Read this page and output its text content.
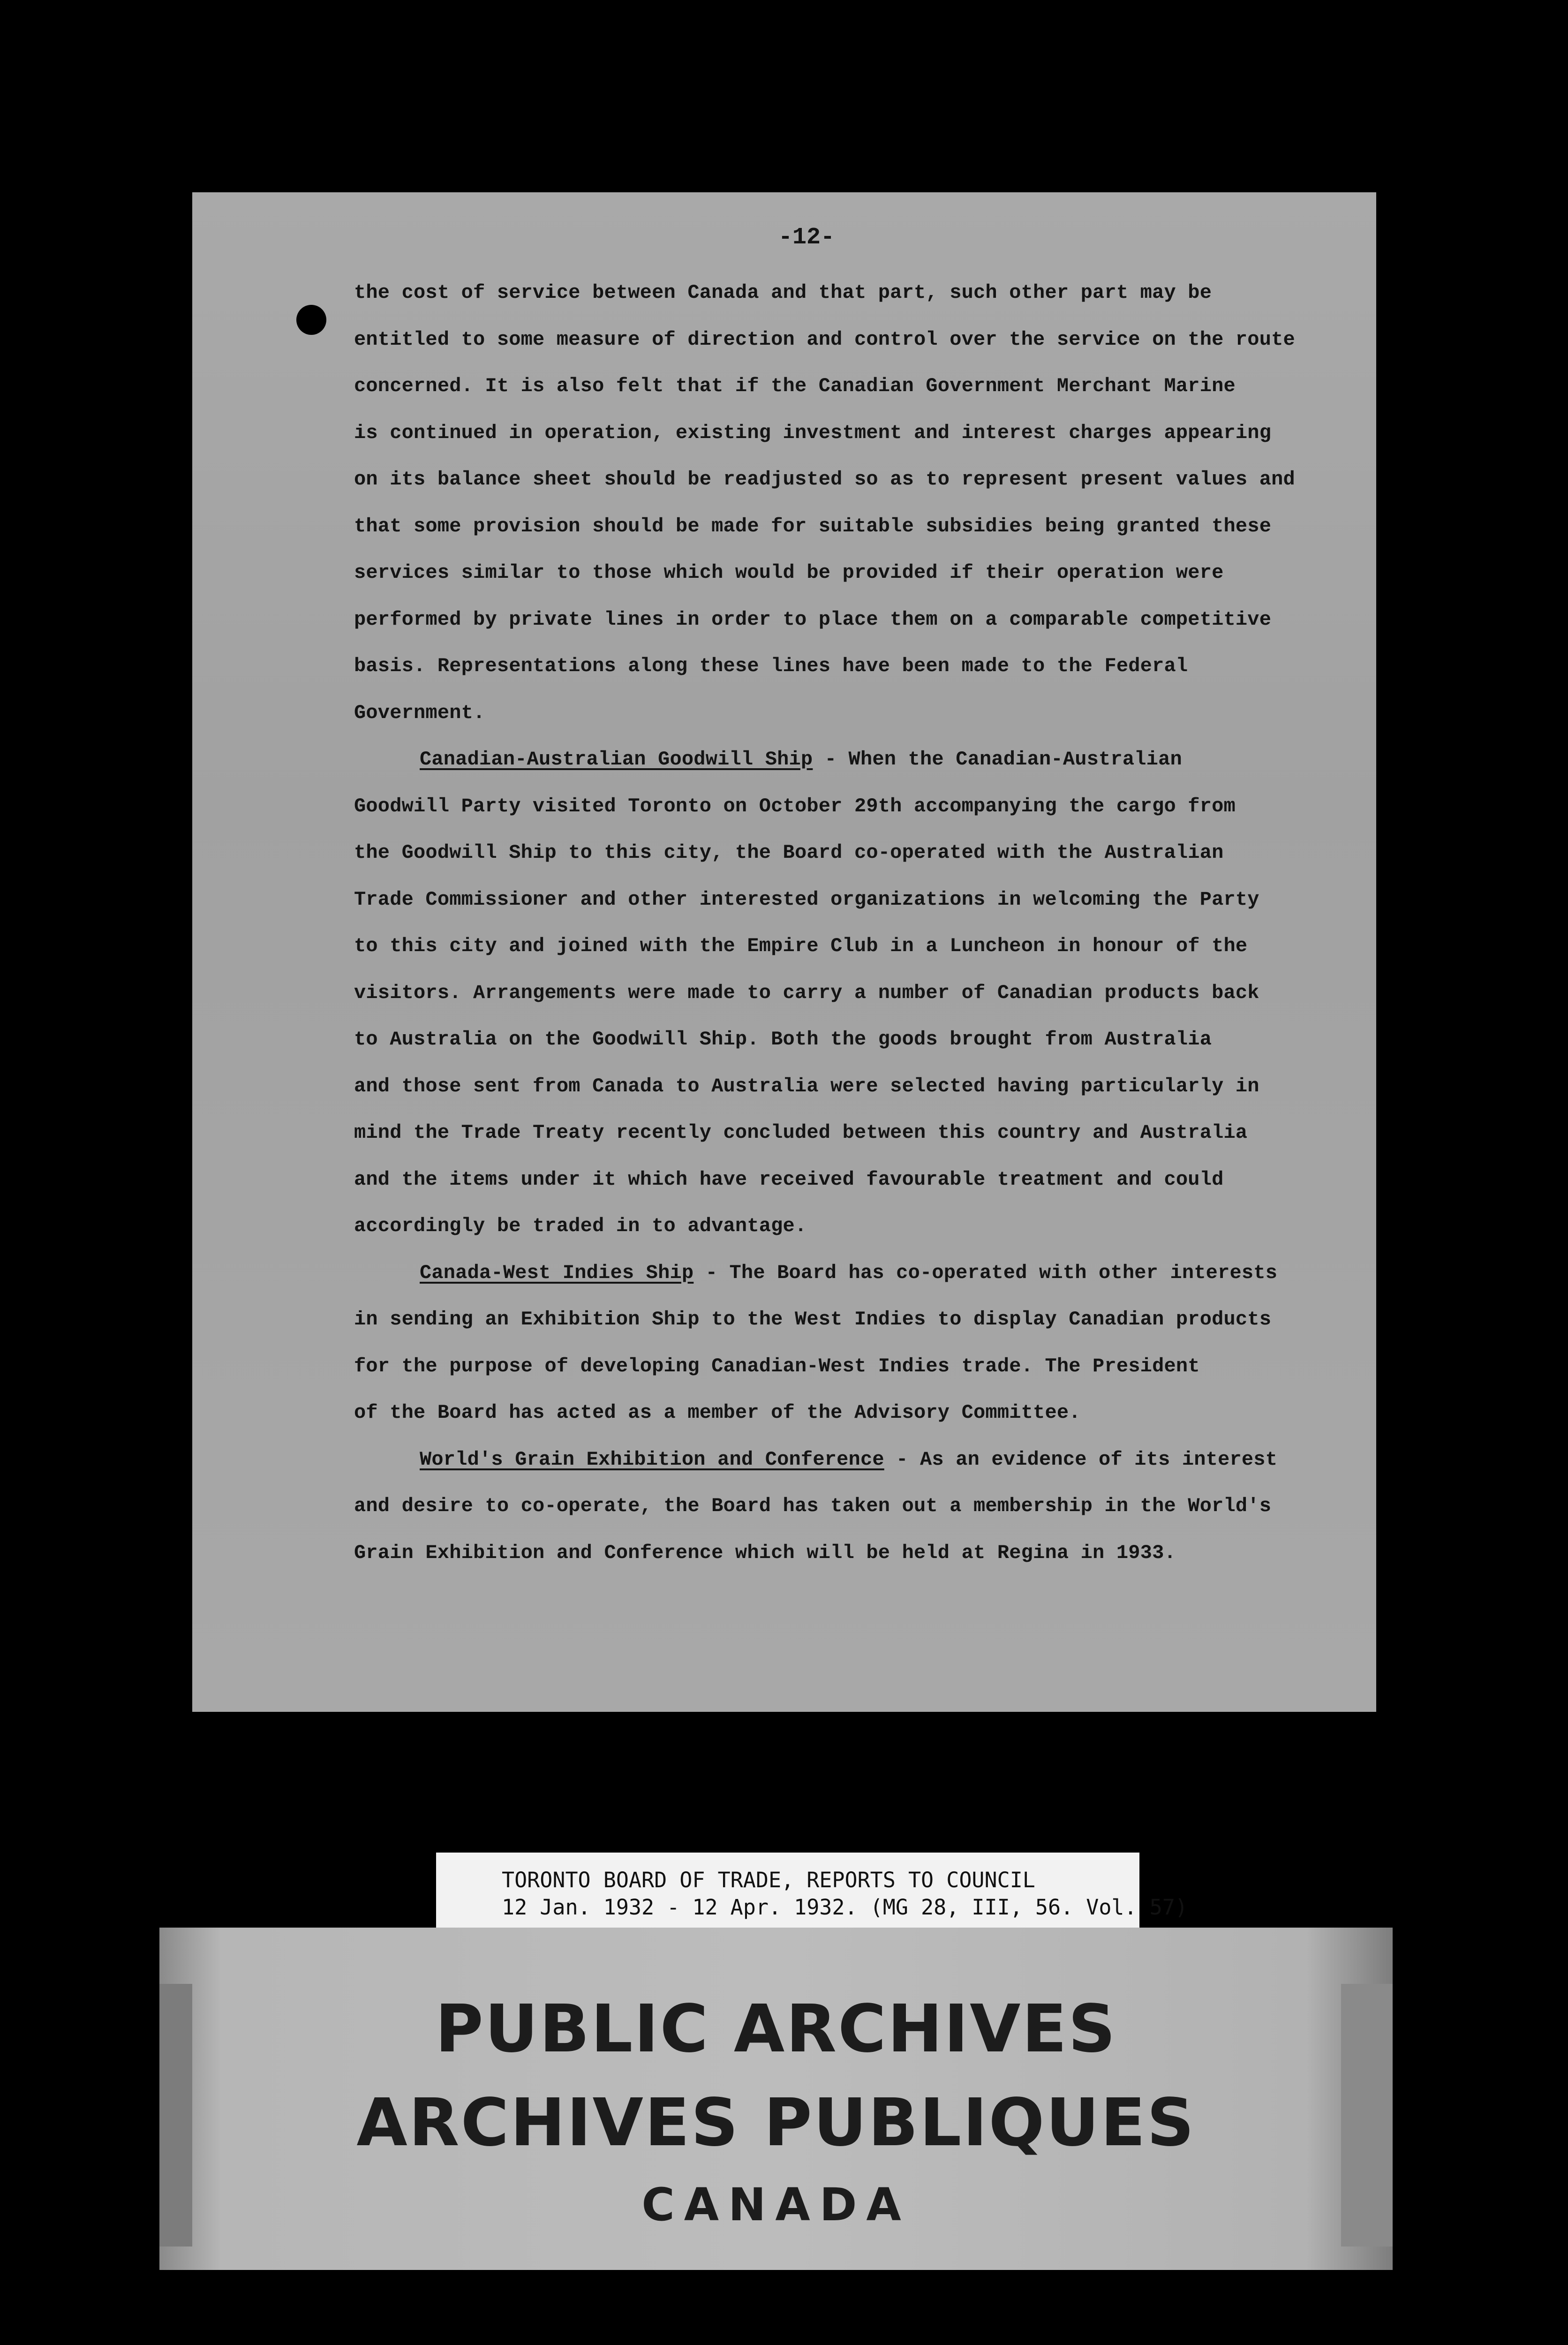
-12-
the cost of service between Canada and that part, such other part may be
entitled to some measure of direction and control over the service on the route
concerned. It is also felt that if the Canadian Government Merchant Marine
is continued in operation, existing investment and interest charges appearing
on its balance sheet should be readjusted so as to represent present values and
that some provision should be made for suitable subsidies being granted these
services similar to those which would be provided if their operation were
performed by private lines in order to place them on a comparable competitive
basis. Representations along these lines have been made to the Federal
Government.
Canadian-Australian Goodwill Ship - When the Canadian-Australian
Goodwill Party visited Toronto on October 29th accompanying the cargo from
the Goodwill Ship to this city, the Board co-operated with the Australian
Trade Commissioner and other interested organizations in welcoming the Party
to this city and joined with the Empire Club in a Luncheon in honour of the
visitors. Arrangements were made to carry a number of Canadian products back
to Australia on the Goodwill Ship. Both the goods brought from Australia
and those sent from Canada to Australia were selected having particularly in
mind the Trade Treaty recently concluded between this country and Australia
and the items under it which have received favourable treatment and could
accordingly be traded in to advantage.
Canada-West Indies Ship - The Board has co-operated with other interests
in sending an Exhibition Ship to the West Indies to display Canadian products
for the purpose of developing Canadian-West Indies trade. The President
of the Board has acted as a member of the Advisory Committee.
World's Grain Exhibition and Conference - As an evidence of its interest
and desire to co-operate, the Board has taken out a membership in the World's
Grain Exhibition and Conference which will be held at Regina in 1933.
TORONTO BOARD OF TRADE, REPORTS TO COUNCIL
12 Jan. 1932 - 12 Apr. 1932. (MG 28, III, 56. Vol. 57)
PUBLIC ARCHIVES
ARCHIVES PUBLIQUES
CANADA
